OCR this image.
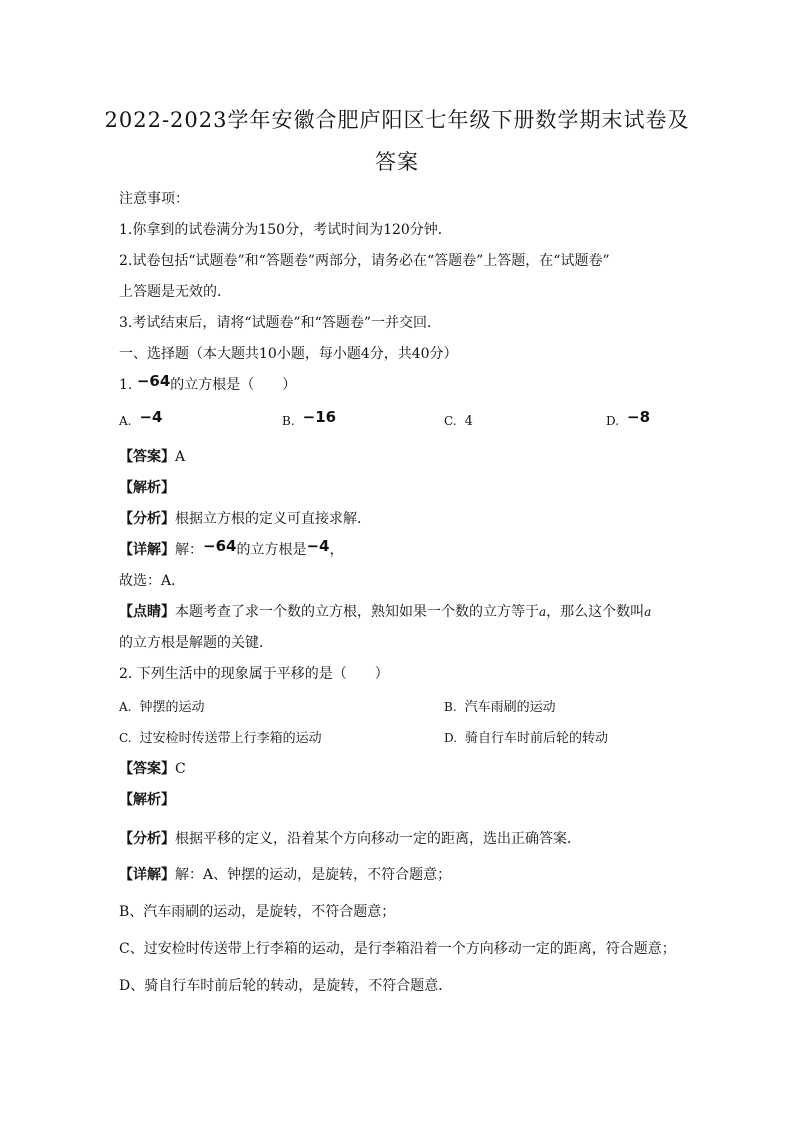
2022-2023学年安徽合肥庐阳区七年级下册数学期末试卷及
答案
注意事项：
1.你拿到的试卷满分为150分，考试时间为120分钟．
2.试卷包括“试题卷”和“答题卷”两部分，请务必在“答题卷”上答题，在“试题卷”
上答题是无效的．
3.考试结束后，请将“试题卷”和“答题卷”一并交回．
一、选择题（本大题共10小题，每小题4分，共40分）
1. −64的立方根是（　　）
A. −4	B. −16	C. 4	D. −8
【答案】A
【解析】
【分析】根据立方根的定义可直接求解．
【详解】解：−64的立方根是−4，
故选：A．
【点睛】本题考查了求一个数的立方根，熟知如果一个数的立方等于a，那么这个数叫a
的立方根是解题的关键．
2. 下列生活中的现象属于平移的是（　　）
A. 钟摆的运动	B. 汽车雨刷的运动
C. 过安检时传送带上行李箱的运动	D. 骑自行车时前后轮的转动
【答案】C
【解析】
【分析】根据平移的定义，沿着某个方向移动一定的距离，选出正确答案．
【详解】解：A、钟摆的运动，是旋转，不符合题意；
B、汽车雨刷的运动，是旋转，不符合题意；
C、过安检时传送带上行李箱的运动，是行李箱沿着一个方向移动一定的距离，符合题意；
D、骑自行车时前后轮的转动，是旋转，不符合题意．
